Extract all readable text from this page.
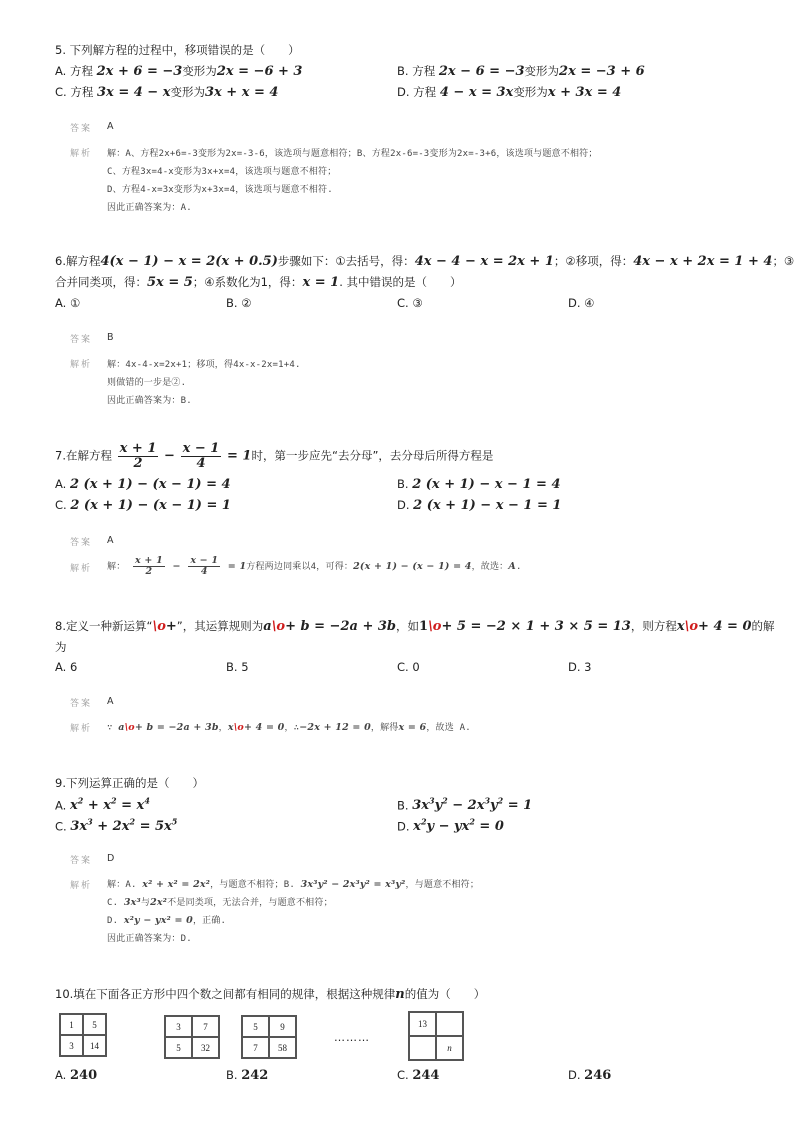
5. 下列解方程的过程中，移项错误的是（　　）
A. 方程 2x + 6 = −3变形为2x = −6 + 3	B. 方程 2x − 6 = −3变形为2x = −3 + 6
C. 方程 3x = 4 − x变形为3x + x = 4	D. 方程 4 − x = 3x变形为x + 3x = 4
答案 A
解析 解：A、方程2x+6=-3变形为2x=-3-6，该选项与题意相符；B、方程2x-6=-3变形为2x=-3+6，该选项与题意不相符；
C、方程3x=4-x变形为3x+x=4，该选项与题意不相符；
D、方程4-x=3x变形为x+3x=4，该选项与题意不相符.
因此正确答案为：A.
6.解方程4(x − 1) − x = 2(x + 0.5)步骤如下：①去括号，得：4x − 4 − x = 2x + 1；②移项，得：4x − x + 2x = 1 + 4；③
合并同类项，得：5x = 5；④系数化为1，得：x = 1. 其中错误的是（　　）
A. ①	B. ②	C. ③	D. ④
答案 B
解析 解：4x-4-x=2x+1；移项，得4x-x-2x=1+4.
则做错的一步是②.
因此正确答案为：B.
7.在解方程 $\frac{x + 1}{2} - \frac{x - 1}{4} = 1$时，第一步应先“去分母”，去分母后所得方程是
A. 2 (x + 1) − (x − 1) = 4	B. 2 (x + 1) − x − 1 = 4
C. 2 (x + 1) − (x − 1) = 1	D. 2 (x + 1) − x − 1 = 1
答案 A
解析 解： $\frac{x + 1}{2} - \frac{x - 1}{4} = 1$方程两边同乘以4，可得：2(x + 1) − (x − 1) = 4，故选：A.
8.定义一种新运算“\o+”，其运算规则为a\o+ b = −2a + 3b，如1\o+ 5 = −2 × 1 + 3 × 5 = 13，则方程x\o+ 4 = 0的解
为
A. 6	B. 5	C. 0	D. 3
答案 A
解析 ∵ a\o+ b = −2a + 3b，x\o+ 4 = 0，∴−2x + 12 = 0，解得x = 6，故选 A.
9.下列运算正确的是（　　）
A. $x^2 + x^2 = x^4$	B. $3x^3y^2 - 2x^3y^2 = 1$
C. $3x^3 + 2x^2 = 5x^5$	D. $x^2y - yx^2 = 0$
答案 D
解析 解：A. x² + x² = 2x²，与题意不相符；B. 3x³y² − 2x³y² = x³y²，与题意不相符；
C. 3x³与2x²不是同类项，无法合并，与题意不相符；
D. x²y − yx² = 0，正确.
因此正确答案为：D.
10.填在下面各正方形中四个数之间都有相同的规律，根据这种规律n的值为（　　）
1	5
3	14
3	7
5	32
5	9
7	58
………
13
n
A. 240	B. 242	C. 244	D. 246
